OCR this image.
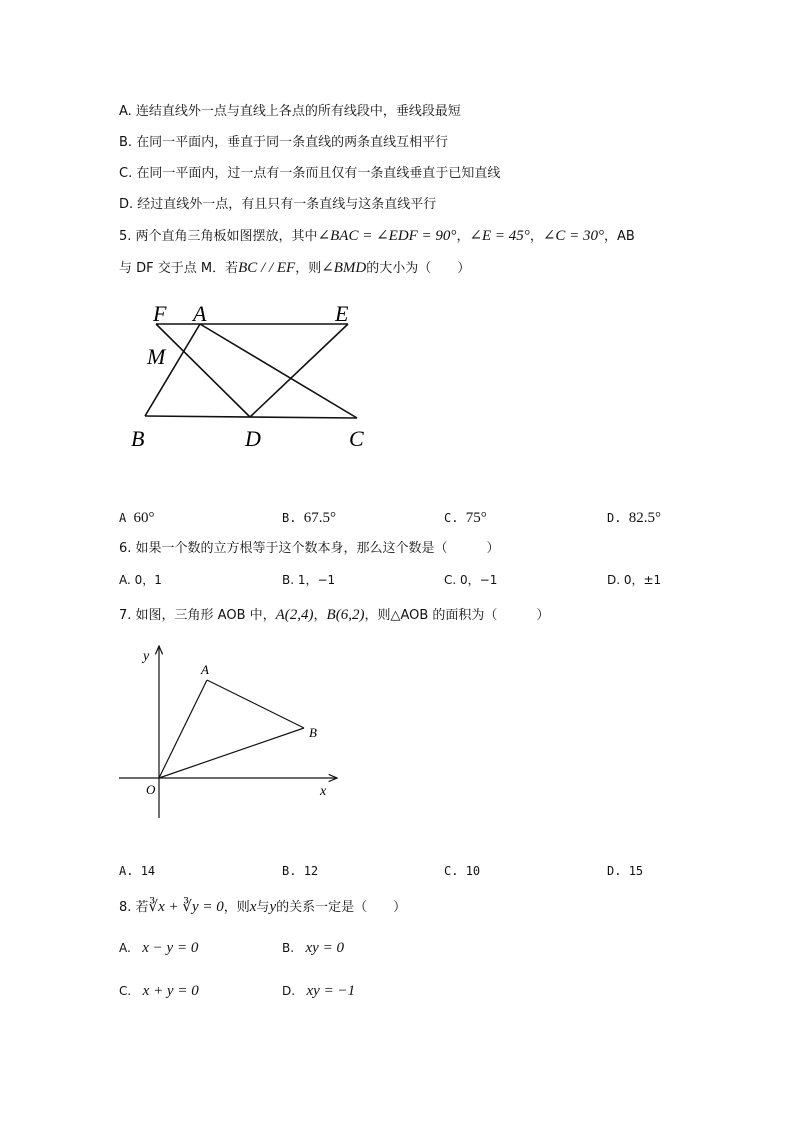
A. 连结直线外一点与直线上各点的所有线段中，垂线段最短
B. 在同一平面内，垂直于同一条直线的两条直线互相平行
C. 在同一平面内，过一点有一条而且仅有一条直线垂直于已知直线
D. 经过直线外一点，有且只有一条直线与这条直线平行
5. 两个直角三角板如图摆放，其中∠BAC = ∠EDF = 90°，∠E = 45°，∠C = 30°，AB
与 DF 交于点 M．若BC / / EF，则∠BMD的大小为（　　）
F A	E
M
B	D	C
A 60°	B. 67.5°	C. 75°	D. 82.5°
6. 如果一个数的立方根等于这个数本身，那么这个数是（　　　）
A. 0，1	B. 1，−1	C. 0，−1	D. 0，±1
7. 如图，三角形 AOB 中，A(2,4)，B(6,2)，则△AOB 的面积为（　　　）
y
A
B
O	x
A. 14	B. 12	C. 10	D. 15
8. 若∛x + ∛y = 0，则x与y的关系一定是（　　）
A. x − y = 0	B. xy = 0
C. x + y = 0	D. xy = −1
